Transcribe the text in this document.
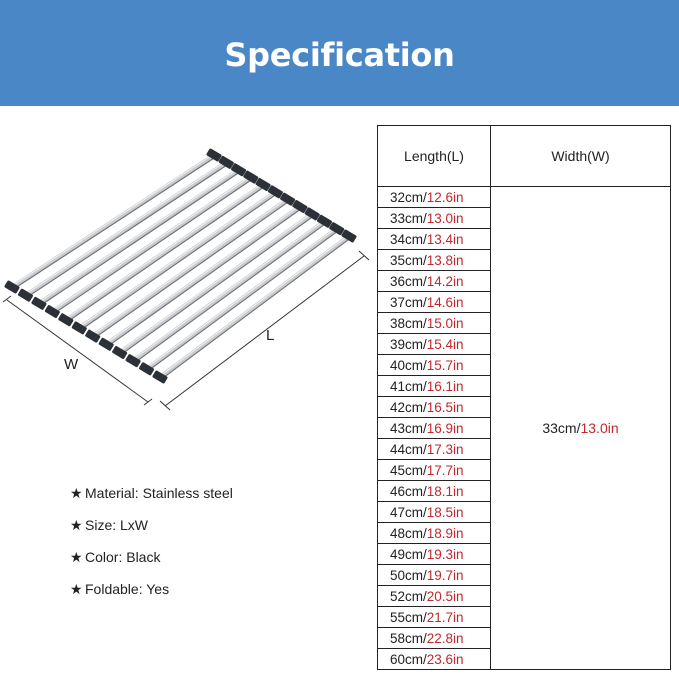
Specification
W
L
★ Material: Stainless steel
★ Size: LxW
★ Color: Black
★ Foldable: Yes
Length(L)	Width(W)
32cm/12.6in	33cm/13.0in
33cm/13.0in	
34cm/13.4in	
35cm/13.8in	
36cm/14.2in	
37cm/14.6in	
38cm/15.0in	
39cm/15.4in	
40cm/15.7in	
41cm/16.1in	
42cm/16.5in	
43cm/16.9in	
44cm/17.3in	
45cm/17.7in	
46cm/18.1in	
47cm/18.5in	
48cm/18.9in	
49cm/19.3in	
50cm/19.7in	
52cm/20.5in	
55cm/21.7in	
58cm/22.8in	
60cm/23.6in	
